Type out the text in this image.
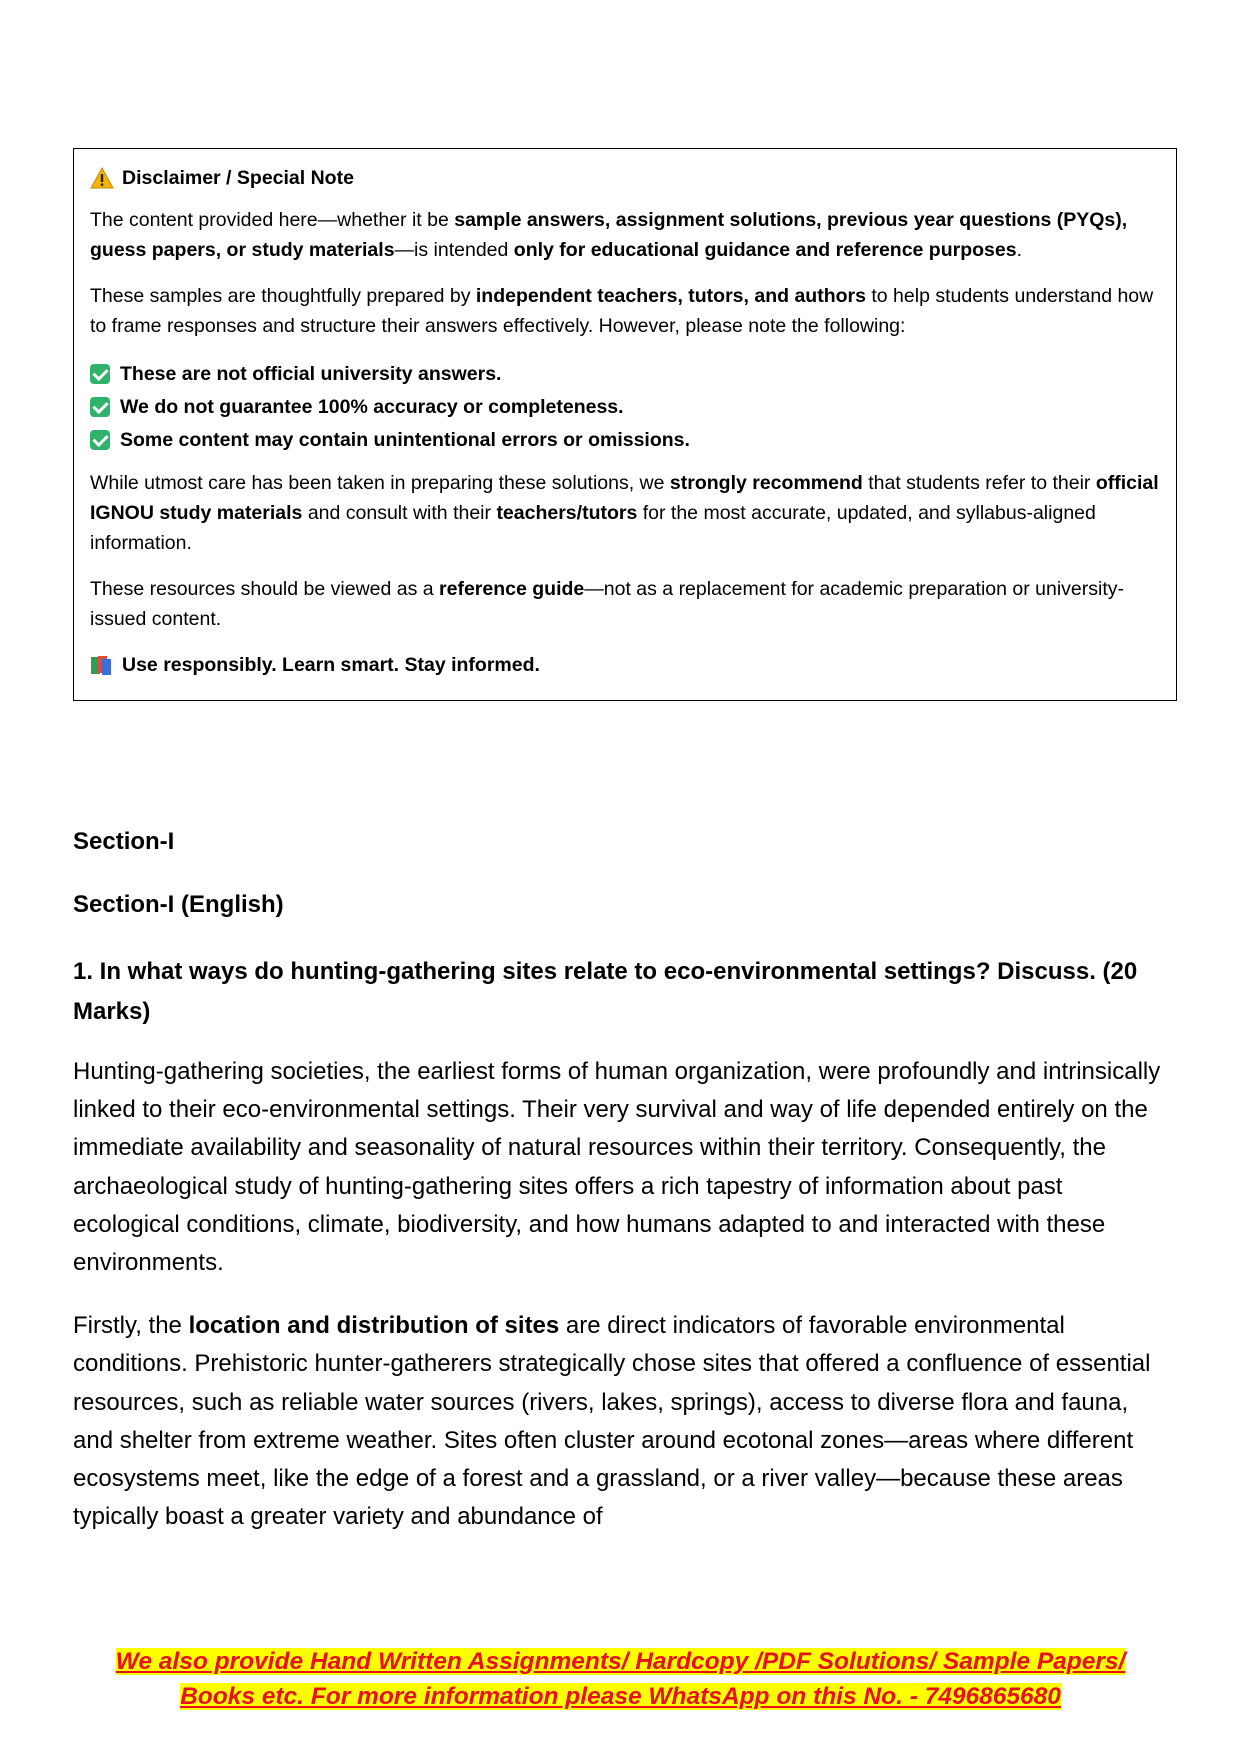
Disclaimer / Special Note

The content provided here—whether it be sample answers, assignment solutions, previous year questions (PYQs), guess papers, or study materials—is intended only for educational guidance and reference purposes.

These samples are thoughtfully prepared by independent teachers, tutors, and authors to help students understand how to frame responses and structure their answers effectively. However, please note the following:

These are not official university answers.
We do not guarantee 100% accuracy or completeness.
Some content may contain unintentional errors or omissions.

While utmost care has been taken in preparing these solutions, we strongly recommend that students refer to their official IGNOU study materials and consult with their teachers/tutors for the most accurate, updated, and syllabus-aligned information.

These resources should be viewed as a reference guide—not as a replacement for academic preparation or university-issued content.

Use responsibly. Learn smart. Stay informed.

Section-I

Section-I (English)

1. In what ways do hunting-gathering sites relate to eco-environmental settings? Discuss. (20 Marks)

Hunting-gathering societies, the earliest forms of human organization, were profoundly and intrinsically linked to their eco-environmental settings. Their very survival and way of life depended entirely on the immediate availability and seasonality of natural resources within their territory. Consequently, the archaeological study of hunting-gathering sites offers a rich tapestry of information about past ecological conditions, climate, biodiversity, and how humans adapted to and interacted with these environments.

Firstly, the location and distribution of sites are direct indicators of favorable environmental conditions. Prehistoric hunter-gatherers strategically chose sites that offered a confluence of essential resources, such as reliable water sources (rivers, lakes, springs), access to diverse flora and fauna, and shelter from extreme weather. Sites often cluster around ecotonal zones—areas where different ecosystems meet, like the edge of a forest and a grassland, or a river valley—because these areas typically boast a greater variety and abundance of

We also provide Hand Written Assignments/ Hardcopy /PDF Solutions/ Sample Papers/
Books etc. For more information please WhatsApp on this No. - 7496865680
